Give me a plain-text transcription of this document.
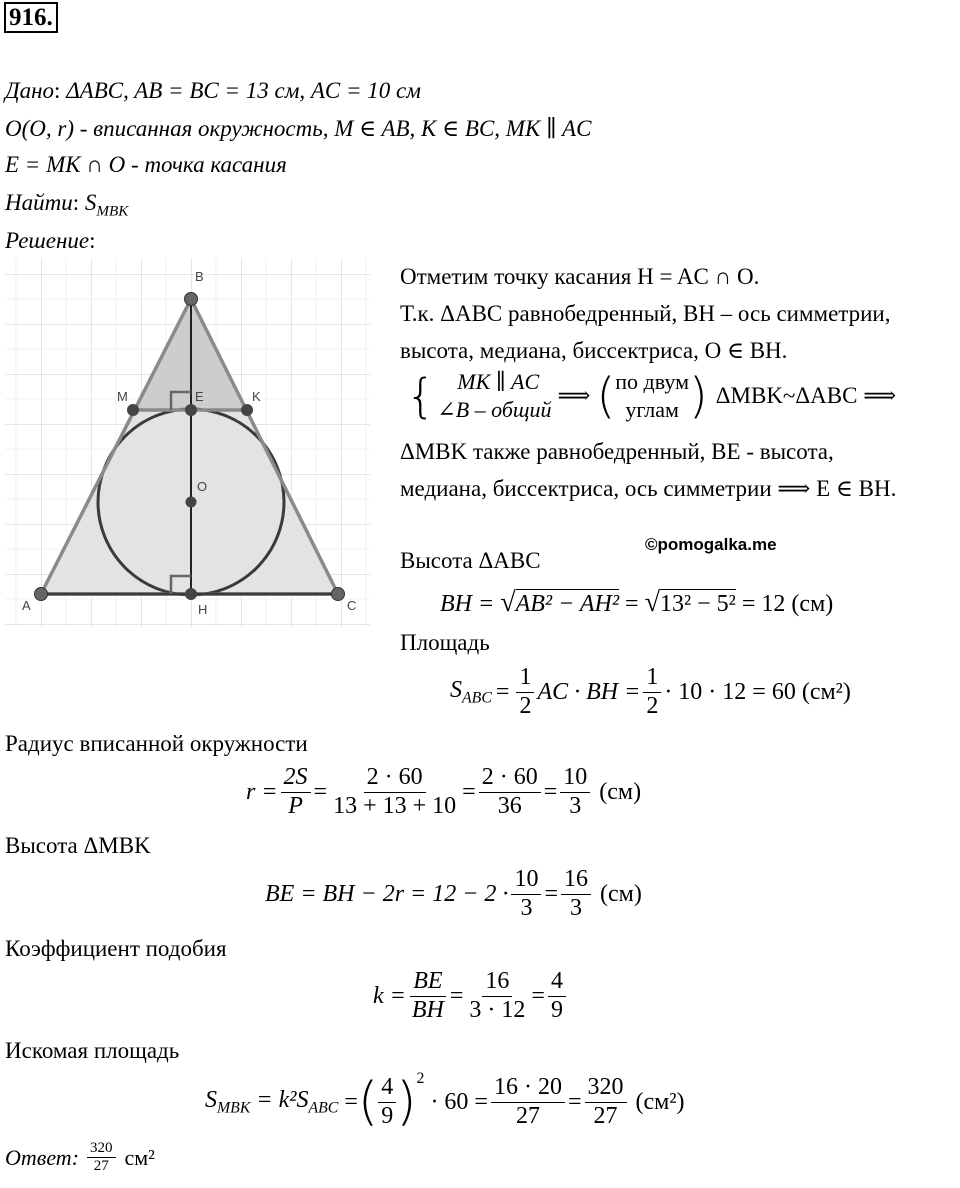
916.
Дано: ΔABC, AB = BC = 13 см, AC = 10 см
O(O, r) - вписанная окружность, M ∈ AB, K ∈ BC, MK ∥ AC
E = MK ∩ O - точка касания
Найти: $S_{MBK}$
Решение:
B
M	E	K
O
A	H	C
Отметим точку касания H = AC ∩ O.
Т.к. ΔABC равнобедренный, BH – ось симметрии,
высота, медиана, биссектриса, O ∈ BH.
{	MK ∥ AC
∠B – общий
⟹ ( по двум
углам ) ΔMBK~ΔABC ⟹
ΔMBK также равнобедренный, BE - высота,
медиана, биссектриса, ось симметрии ⟹ E ∈ BH.
©pomogalka.me
Высота ΔABC
BH = √AB² − AH² = √13² − 5² = 12 (см)
Площадь
$S_{ABC} = \frac{1}{2}$ AC · BH = $\frac{1}{2} \cdot 10 \cdot 12 = 60$ (см²)
Радиус вписанной окружности
$r = \frac{2S}{P} = \frac{2 \cdot 60}{13 + 13 + 10} = \frac{2 \cdot 60}{36} = \frac{10}{3} (см)$
Высота ΔMBK
BE = BH − $2r = 12 - 2 \cdot \frac{10}{3} = \frac{16}{3} (см)$
Коэффициент подобия
$k = \frac{BE}{BH} = \frac{16}{3 \cdot 12} = \frac{4}{9}$
Искомая площадь
$S_{MBK} = k^2S_{ABC}$ = ( $\frac{4}{9}$ ) 2
· $60 = \frac{16 \cdot 20}{27} = \frac{320}{27} (см^2)$
Ответ: $\frac{320}{27} см^2$
